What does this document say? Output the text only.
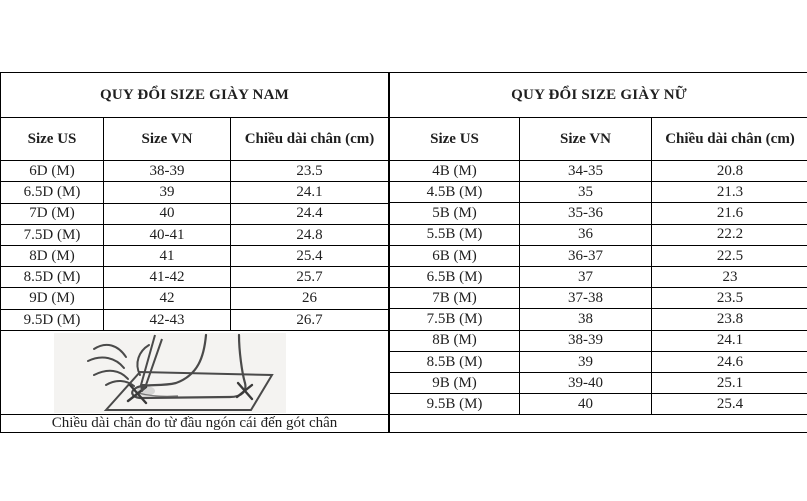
QUY ĐỔI SIZE GIÀY NAM		
Size US	Size VN	Chiều dài chân (cm)
6D (M)	38-39	23.5
6.5D (M)	39	24.1
7D (M)	40	24.4
7.5D (M)	40-41	24.8
8D (M)	41	25.4
8.5D (M)	41-42	25.7
9D (M)	42	26
9.5D (M)	42-43	26.7

Chiều dài chân đo từ đầu ngón cái đến gót chân		
QUY ĐỔI SIZE GIÀY NỮ		
Size US	Size VN	Chiều dài chân (cm)
4B (M)	34-35	20.8
4.5B (M)	35	21.3
5B (M)	35-36	21.6
5.5B (M)	36	22.2
6B (M)	36-37	22.5
6.5B (M)	37	23
7B (M)	37-38	23.5
7.5B (M)	38	23.8
8B (M)	38-39	24.1
8.5B (M)	39	24.6
9B (M)	39-40	25.1
9.5B (M)	40	25.4
